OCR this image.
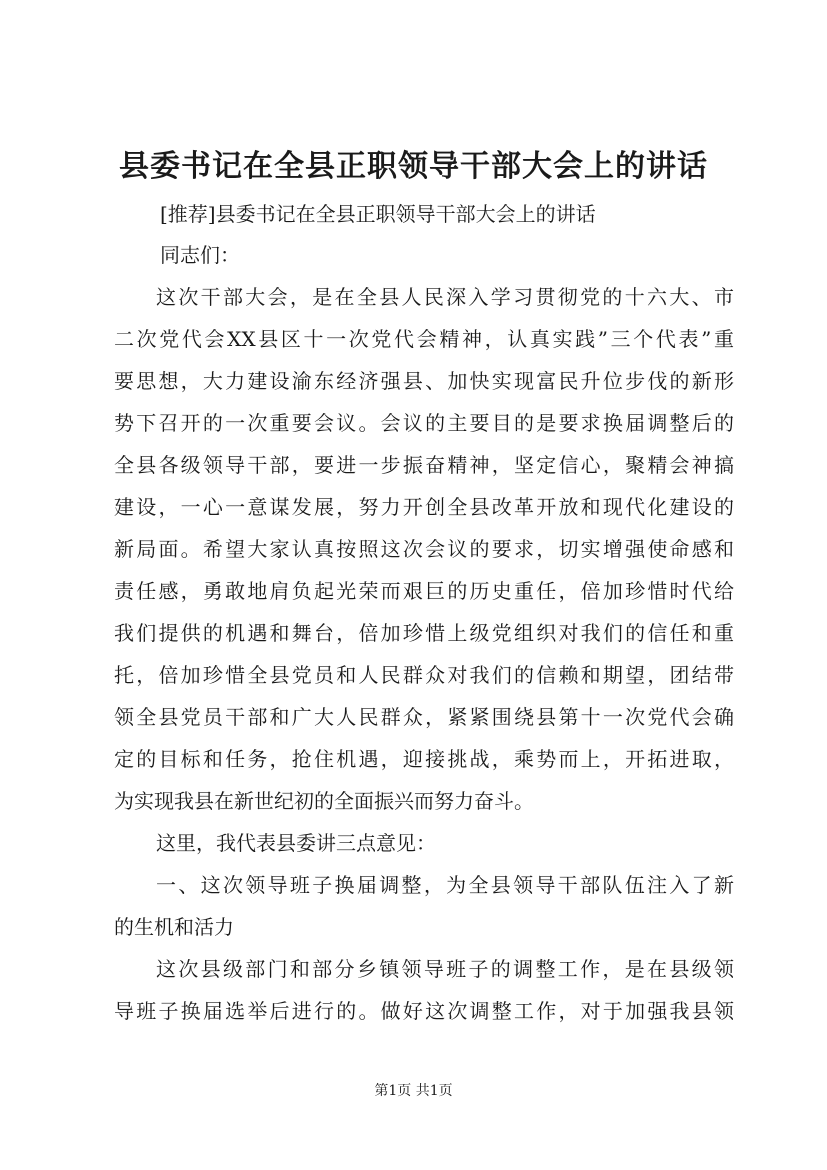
县委书记在全县正职领导干部大会上的讲话
[推荐]县委书记在全县正职领导干部大会上的讲话
同志们：
这次干部大会，是在全县人民深入学习贯彻党的十六大、市
二次党代会XX县区十一次党代会精神，认真实践”三个代表”重
要思想，大力建设渝东经济强县、加快实现富民升位步伐的新形
势下召开的一次重要会议。会议的主要目的是要求换届调整后的
全县各级领导干部，要进一步振奋精神，坚定信心，聚精会神搞
建设，一心一意谋发展，努力开创全县改革开放和现代化建设的
新局面。希望大家认真按照这次会议的要求，切实增强使命感和
责任感，勇敢地肩负起光荣而艰巨的历史重任，倍加珍惜时代给
我们提供的机遇和舞台，倍加珍惜上级党组织对我们的信任和重
托，倍加珍惜全县党员和人民群众对我们的信赖和期望，团结带
领全县党员干部和广大人民群众，紧紧围绕县第十一次党代会确
定的目标和任务，抢住机遇，迎接挑战，乘势而上，开拓进取，
为实现我县在新世纪初的全面振兴而努力奋斗。
这里，我代表县委讲三点意见：
一、这次领导班子换届调整，为全县领导干部队伍注入了新
的生机和活力
这次县级部门和部分乡镇领导班子的调整工作，是在县级领
导班子换届选举后进行的。做好这次调整工作，对于加强我县领
第1页 共1页
